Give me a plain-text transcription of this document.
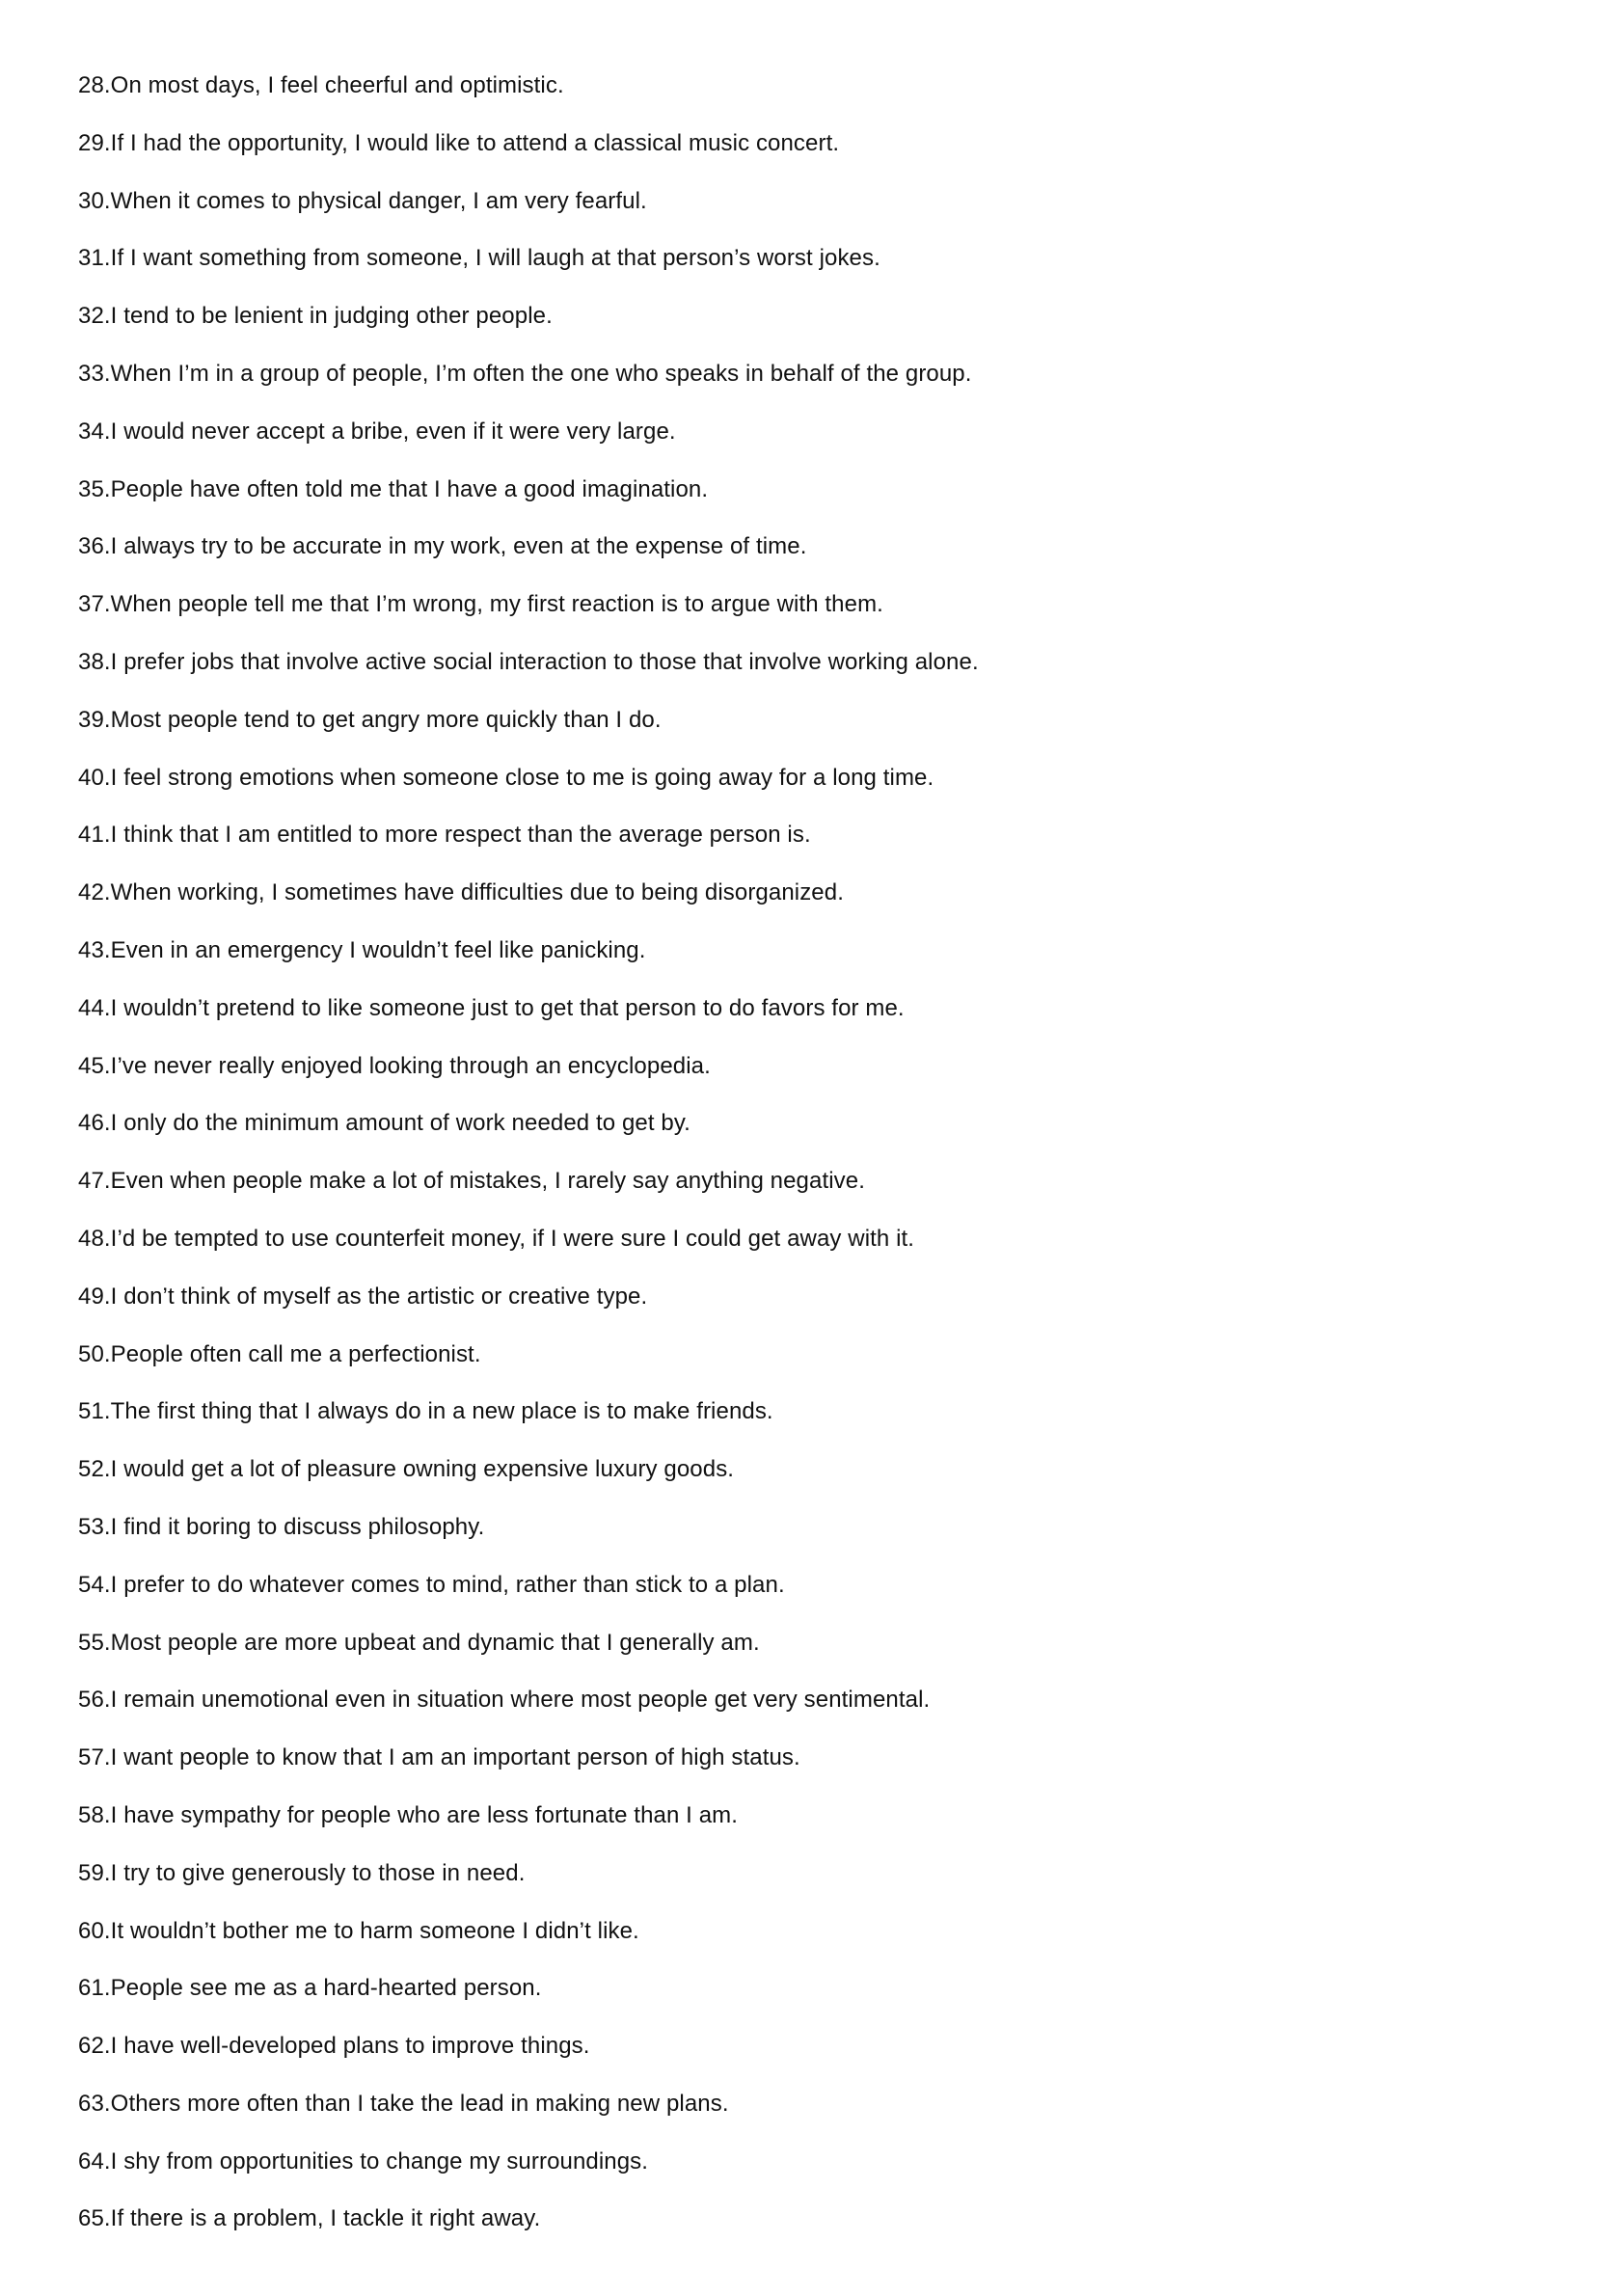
28.On most days, I feel cheerful and optimistic.
29.If I had the opportunity, I would like to attend a classical music concert.
30.When it comes to physical danger, I am very fearful.
31.If I want something from someone, I will laugh at that person’s worst jokes.
32.I tend to be lenient in judging other people.
33.When I’m in a group of people, I’m often the one who speaks in behalf of the group.
34.I would never accept a bribe, even if it were very large.
35.People have often told me that I have a good imagination.
36.I always try to be accurate in my work, even at the expense of time.
37.When people tell me that I’m wrong, my first reaction is to argue with them.
38.I prefer jobs that involve active social interaction to those that involve working alone.
39.Most people tend to get angry more quickly than I do.
40.I feel strong emotions when someone close to me is going away for a long time.
41.I think that I am entitled to more respect than the average person is.
42.When working, I sometimes have difficulties due to being disorganized.
43.Even in an emergency I wouldn’t feel like panicking.
44.I wouldn’t pretend to like someone just to get that person to do favors for me.
45.I’ve never really enjoyed looking through an encyclopedia.
46.I only do the minimum amount of work needed to get by.
47.Even when people make a lot of mistakes, I rarely say anything negative.
48.I’d be tempted to use counterfeit money, if I were sure I could get away with it.
49.I don’t think of myself as the artistic or creative type.
50.People often call me a perfectionist.
51.The first thing that I always do in a new place is to make friends.
52.I would get a lot of pleasure owning expensive luxury goods.
53.I find it boring to discuss philosophy.
54.I prefer to do whatever comes to mind, rather than stick to a plan.
55.Most people are more upbeat and dynamic that I generally am.
56.I remain unemotional even in situation where most people get very sentimental.
57.I want people to know that I am an important person of high status.
58.I have sympathy for people who are less fortunate than I am.
59.I try to give generously to those in need.
60.It wouldn’t bother me to harm someone I didn’t like.
61.People see me as a hard-hearted person.
62.I have well-developed plans to improve things.
63.Others more often than I take the lead in making new plans.
64.I shy from opportunities to change my surroundings.
65.If there is a problem, I tackle it right away.
